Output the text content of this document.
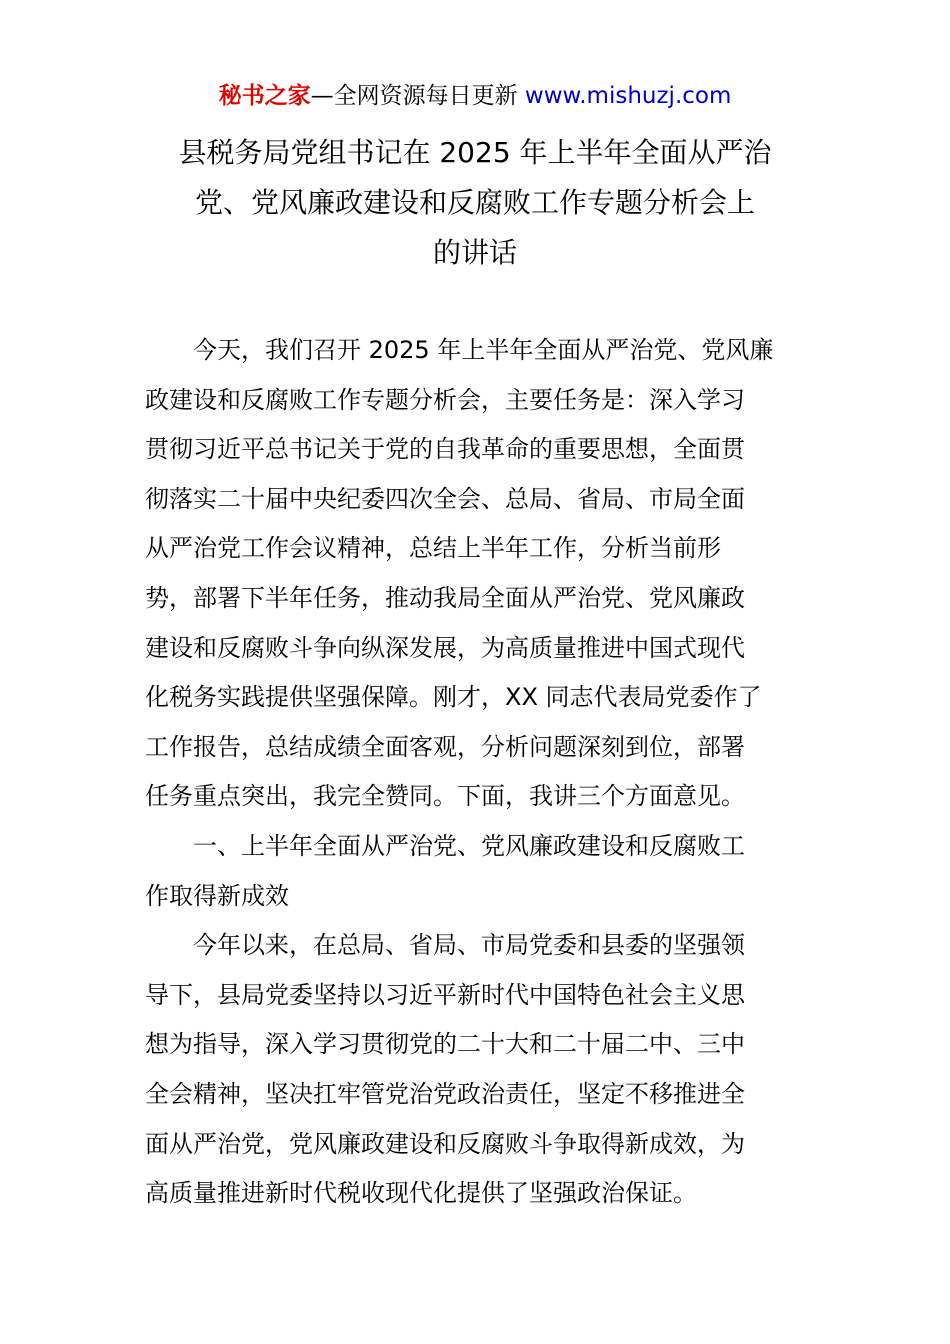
秘书之家—全网资源每日更新 www.mishuzj.com
县税务局党组书记在 2025 年上半年全面从严治
党、党风廉政建设和反腐败工作专题分析会上
的讲话

今天，我们召开 2025 年上半年全面从严治党、党风廉
政建设和反腐败工作专题分析会，主要任务是：深入学习
贯彻习近平总书记关于党的自我革命的重要思想，全面贯
彻落实二十届中央纪委四次全会、总局、省局、市局全面
从严治党工作会议精神，总结上半年工作，分析当前形
势，部署下半年任务，推动我局全面从严治党、党风廉政
建设和反腐败斗争向纵深发展，为高质量推进中国式现代
化税务实践提供坚强保障。刚才，XX 同志代表局党委作了
工作报告，总结成绩全面客观，分析问题深刻到位，部署
任务重点突出，我完全赞同。下面，我讲三个方面意见。

一、上半年全面从严治党、党风廉政建设和反腐败工
作取得新成效

今年以来，在总局、省局、市局党委和县委的坚强领
导下，县局党委坚持以习近平新时代中国特色社会主义思
想为指导，深入学习贯彻党的二十大和二十届二中、三中
全会精神，坚决扛牢管党治党政治责任，坚定不移推进全
面从严治党，党风廉政建设和反腐败斗争取得新成效，为
高质量推进新时代税收现代化提供了坚强政治保证。
